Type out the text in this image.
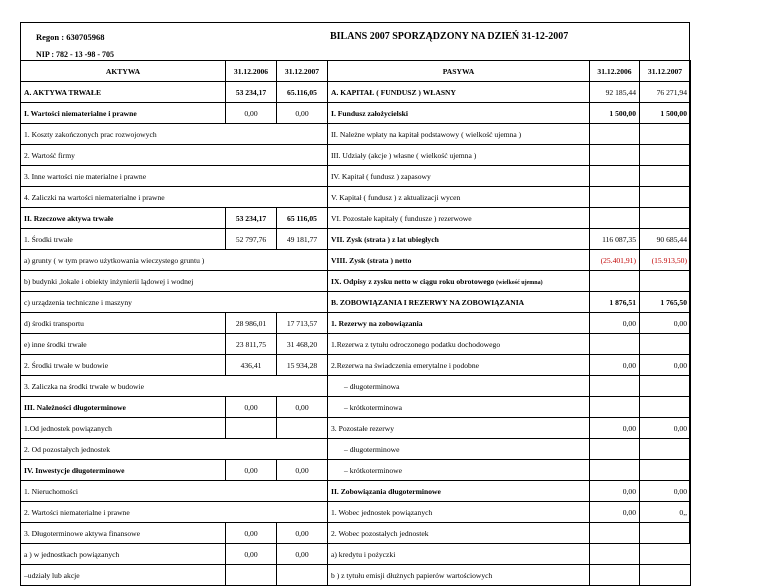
Regon : 630705968	BILANS 2007 SPORZĄDZONY NA DZIEŃ 31-12-2007
NIP : 782 - 13 -98 - 705
AKTYWA	31.12.2006	31.12.2007	PASYWA	31.12.2006	31.12.2007
A. AKTYWA TRWAŁE	53 234,17	65.116,05	A. KAPITAŁ ( FUNDUSZ ) WŁASNY	92 185,44	76 271,94
I. Wartości niematerialne i prawne	0,00	0,00	I. Fundusz założycielski	1 500,00	1 500,00
1. Koszty zakończonych prac rozwojowych			II. Należne wpłaty na kapitał podstawowy ( wielkość ujemna )		
2. Wartość firmy			III. Udziały (akcje ) własne ( wielkość ujemna )		
3. Inne wartości nie materialne i prawne			IV. Kapitał ( fundusz ) zapasowy		
4. Zaliczki na wartości niematerialne i prawne			V. Kapitał ( fundusz ) z aktualizacji wycen		
II. Rzeczowe aktywa trwałe	53 234,17	65 116,05	VI. Pozostałe kapitały ( fundusze ) rezerwowe		
1. Środki trwałe	52 797,76	49 181,77	VII. Zysk (strata ) z lat ubiegłych	116 087,35	90 685,44
a) grunty ( w tym prawo użytkowania wieczystego gruntu )			VIII. Zysk (strata ) netto	(25.401,91)	(15.913,50)
b) budynki ,lokale i obiekty inżynierii lądowej i wodnej			IX. Odpisy z zysku netto w ciągu roku obrotowego (wielkość ujemna)		
c) urządzenia techniczne i maszyny			B. ZOBOWIĄZANIA I REZERWY NA ZOBOWIĄZANIA	1 876,51	1 765,50
d) środki transportu	28 986,01	17 713,57	1. Rezerwy na zobowiązania	0,00	0,00
e) inne środki trwałe	23 811,75	31 468,20	1.Rezerwa z tytułu odroczonego podatku dochodowego		
2. Środki trwałe w budowie	436,41	15 934,28	2.Rezerwa na świadczenia emerytalne i podobne	0,00	0,00
3. Zaliczka na środki trwałe w budowie			– długoterminowa		
III. Należności długoterminowe	0,00	0,00	– krótkoterminowa		
1.Od jednostek powiązanych			3. Pozostałe rezerwy	0,00	0,00
2. Od pozostałych jednostek			– długoterminowe		
IV. Inwestycje długoterminowe	0,00	0,00	– krótkoterminowe		
1. Nieruchomości			II. Zobowiązania długoterminowe	0,00	0,00
2. Wartości niematerialne i prawne			1. Wobec jednostek powiązanych	0,00	0,,
3. Długoterminowe aktywa finansowe	0,00	0,00	2. Wobec pozostałych jednostek		
a ) w jednostkach powiązanych	0,00	0,00	a) kredytu i pożyczki		
–udziały lub akcje			b ) z tytułu emisji dłużnych papierów wartościowych		
